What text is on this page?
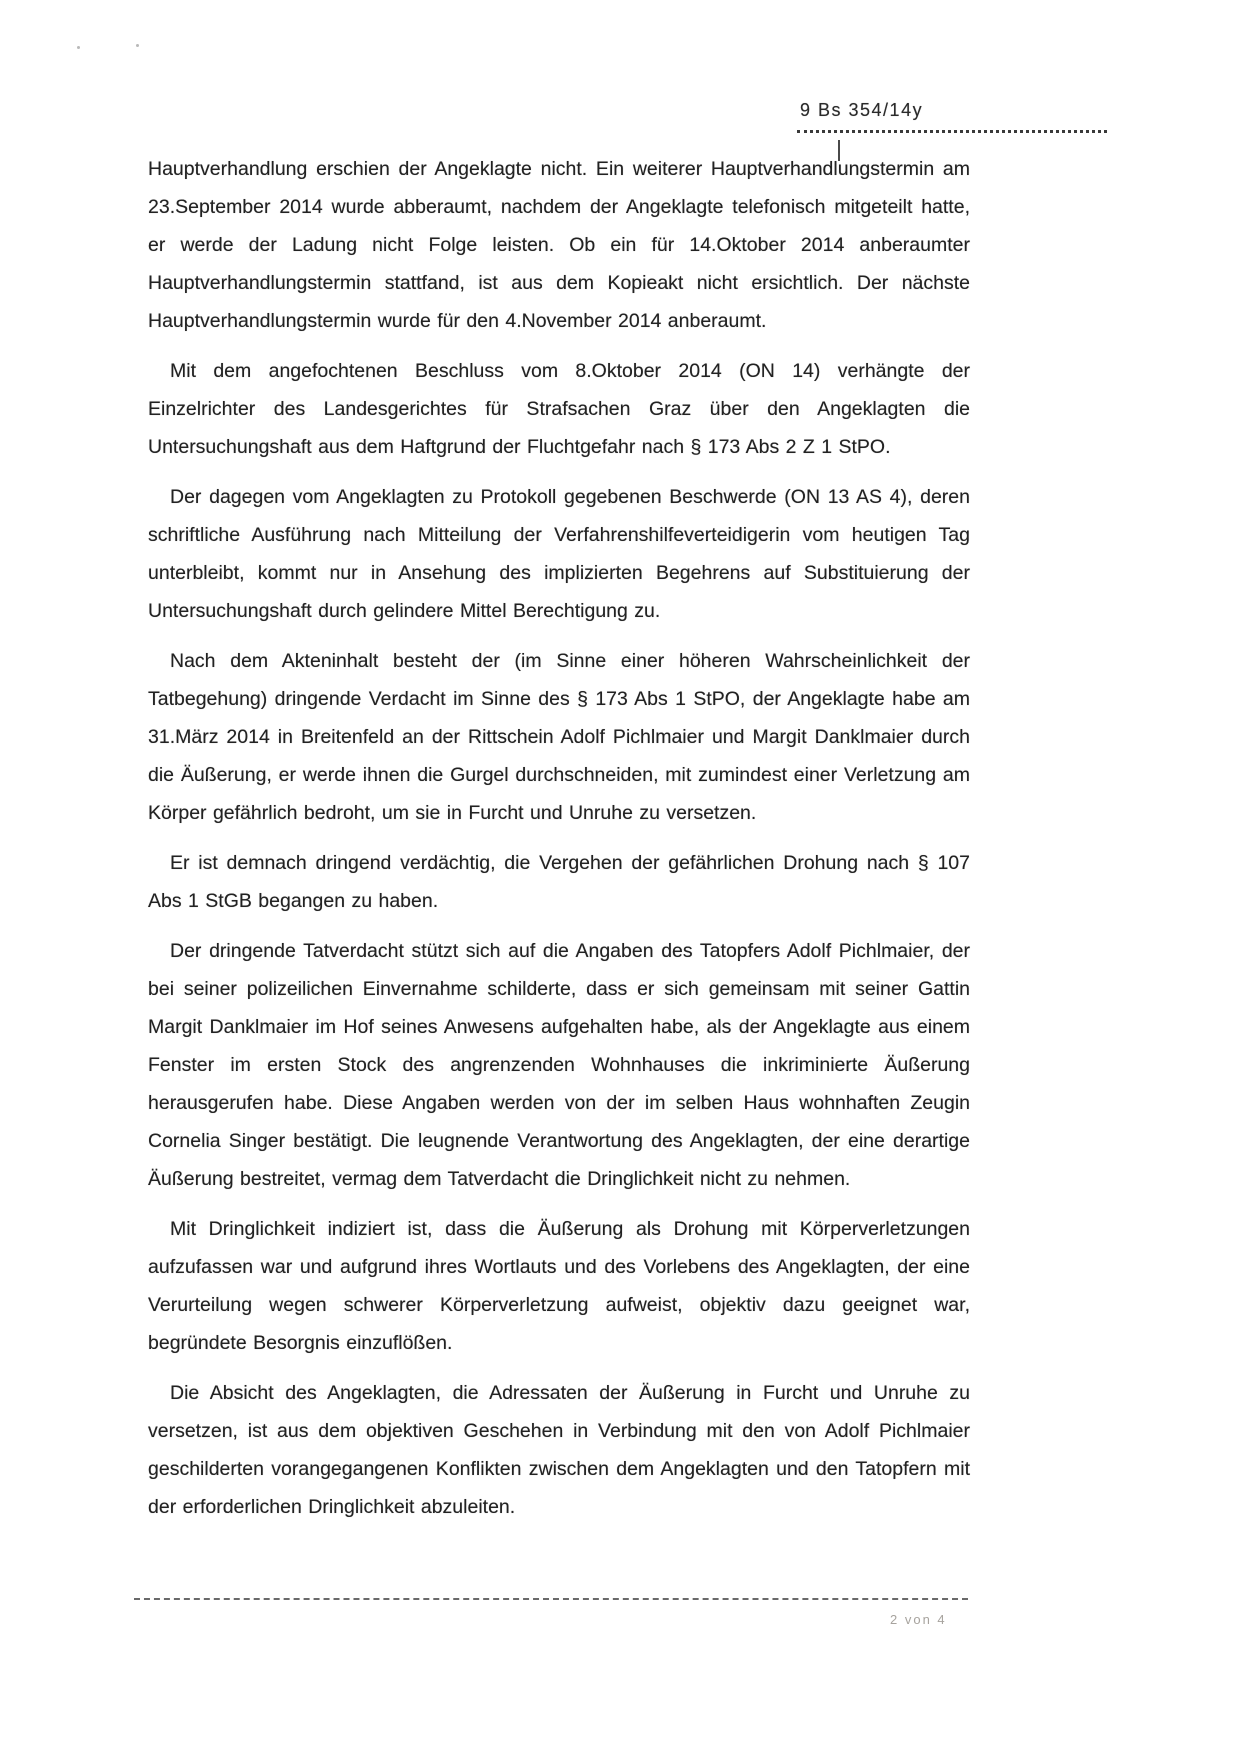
9 Bs 354/14y

Hauptverhandlung erschien der Angeklagte nicht. Ein weiterer Hauptverhandlungstermin am 23.September 2014 wurde abberaumt, nachdem der Angeklagte telefonisch mitgeteilt hatte, er werde der Ladung nicht Folge leisten. Ob ein für 14.Oktober 2014 anberaumter Hauptverhandlungstermin stattfand, ist aus dem Kopieakt nicht ersichtlich. Der nächste Hauptverhandlungstermin wurde für den 4.November 2014 anberaumt.

Mit dem angefochtenen Beschluss vom 8.Oktober 2014 (ON 14) verhängte der Einzelrichter des Landesgerichtes für Strafsachen Graz über den Angeklagten die Untersuchungshaft aus dem Haftgrund der Fluchtgefahr nach § 173 Abs 2 Z 1 StPO.

Der dagegen vom Angeklagten zu Protokoll gegebenen Beschwerde (ON 13 AS 4), deren schriftliche Ausführung nach Mitteilung der Verfahrenshilfeverteidigerin vom heutigen Tag unterbleibt, kommt nur in Ansehung des implizierten Begehrens auf Substituierung der Untersuchungshaft durch gelindere Mittel Berechtigung zu.

Nach dem Akteninhalt besteht der (im Sinne einer höheren Wahrscheinlichkeit der Tatbegehung) dringende Verdacht im Sinne des § 173 Abs 1 StPO, der Angeklagte habe am 31.März 2014 in Breitenfeld an der Rittschein Adolf Pichlmaier und Margit Danklmaier durch die Äußerung, er werde ihnen die Gurgel durchschneiden, mit zumindest einer Verletzung am Körper gefährlich bedroht, um sie in Furcht und Unruhe zu versetzen.

Er ist demnach dringend verdächtig, die Vergehen der gefährlichen Drohung nach § 107 Abs 1 StGB begangen zu haben.

Der dringende Tatverdacht stützt sich auf die Angaben des Tatopfers Adolf Pichlmaier, der bei seiner polizeilichen Einvernahme schilderte, dass er sich gemeinsam mit seiner Gattin Margit Danklmaier im Hof seines Anwesens aufgehalten habe, als der Angeklagte aus einem Fenster im ersten Stock des angrenzenden Wohnhauses die inkriminierte Äußerung herausgerufen habe. Diese Angaben werden von der im selben Haus wohnhaften Zeugin Cornelia Singer bestätigt. Die leugnende Verantwortung des Angeklagten, der eine derartige Äußerung bestreitet, vermag dem Tatverdacht die Dringlichkeit nicht zu nehmen.

Mit Dringlichkeit indiziert ist, dass die Äußerung als Drohung mit Körperverletzungen aufzufassen war und aufgrund ihres Wortlauts und des Vorlebens des Angeklagten, der eine Verurteilung wegen schwerer Körperverletzung aufweist, objektiv dazu geeignet war, begründete Besorgnis einzuflößen.

Die Absicht des Angeklagten, die Adressaten der Äußerung in Furcht und Unruhe zu versetzen, ist aus dem objektiven Geschehen in Verbindung mit den von Adolf Pichlmaier geschilderten vorangegangenen Konflikten zwischen dem Angeklagten und den Tatopfern mit der erforderlichen Dringlichkeit abzuleiten.

2 von 4
